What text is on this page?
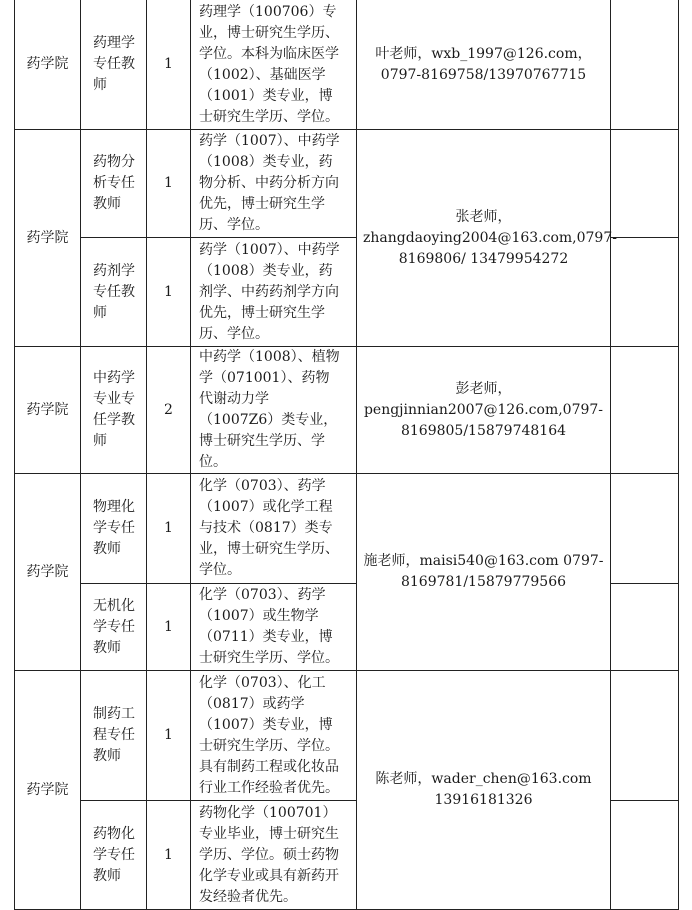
药学院	药理学专任教师	1	药理学（100706）专业，博士研究生学历、学位。本科为临床医学（1002）、基础医学（1001）类专业，博士研究生学历、学位。	叶老师，wxb_1997@126.com，0797-8169758/13970767715	
药学院	药物分析专任教师	1	药学（1007）、中药学（1008）类专业，药物分析、中药分析方向优先，博士研究生学历、学位。	张老师，zhangdaoying2004@163.com,0797-8169806/ 13479954272	

	药剂学专任教师	1	药学（1007）、中药学（1008）类专业，药剂学、中药药剂学方向优先，博士研究生学历、学位。		

药学院	中药学专业专任学教师	2	中药学（1008）、植物学（071001）、药物代谢动力学（1007Z6）类专业，博士研究生学历、学位。	彭老师，pengjinnian2007@126.com,0797-8169805/15879748164	
药学院	物理化学专任教师	1	化学（0703）、药学（1007）或化学工程与技术（0817）类专业，博士研究生学历、学位。	施老师，maisi540@163.com 0797-8169781/15879779566	

	无机化学专任教师	1	化学（0703）、药学（1007）或生物学（0711）类专业，博士研究生学历、学位。		

药学院	制药工程专任教师	1	化学（0703）、化工（0817）或药学（1007）类专业，博士研究生学历、学位。具有制药工程或化妆品行业工作经验者优先。	陈老师，wader_chen@163.com 13916181326	

	药物化学专任教师	1	药物化学（100701）专业毕业，博士研究生学历、学位。硕士药物化学专业或具有新药开发经验者优先。		
